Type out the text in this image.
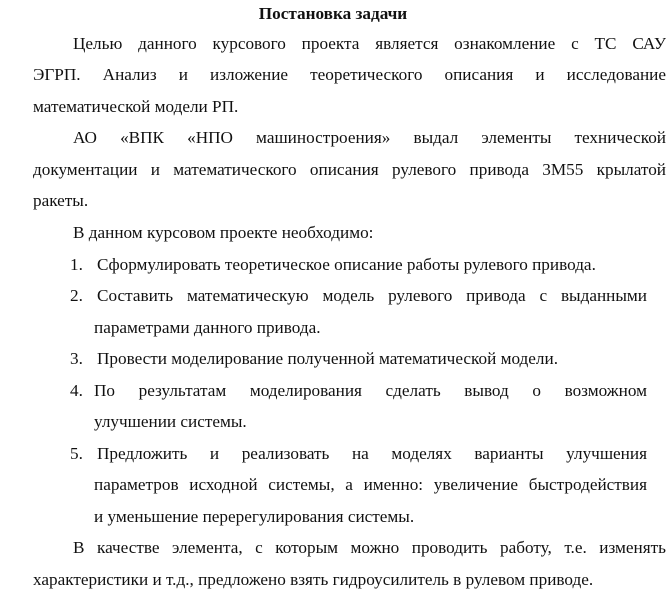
Постановка задачи
Целью данного курсового проекта является ознакомление с ТС САУ
ЭГРП. Анализ и изложение теоретического описания и исследование
математической модели РП.
АО «ВПК «НПО машиностроения» выдал элементы технической
документации и математического описания рулевого привода 3М55 крылатой
ракеты.
В данном курсовом проекте необходимо:
1. Сформулировать теоретическое описание работы рулевого привода.
2. Составить математическую модель рулевого привода с выданными
параметрами данного привода.
3. Провести моделирование полученной математической модели.
4. По результатам моделирования сделать вывод о возможном
улучшении системы.
5. Предложить и реализовать на моделях варианты улучшения
параметров исходной системы, а именно: увеличение быстродействия
и уменьшение перерегулирования системы.
В качестве элемента, с которым можно проводить работу, т.е. изменять
характеристики и т.д., предложено взять гидроусилитель в рулевом приводе.
